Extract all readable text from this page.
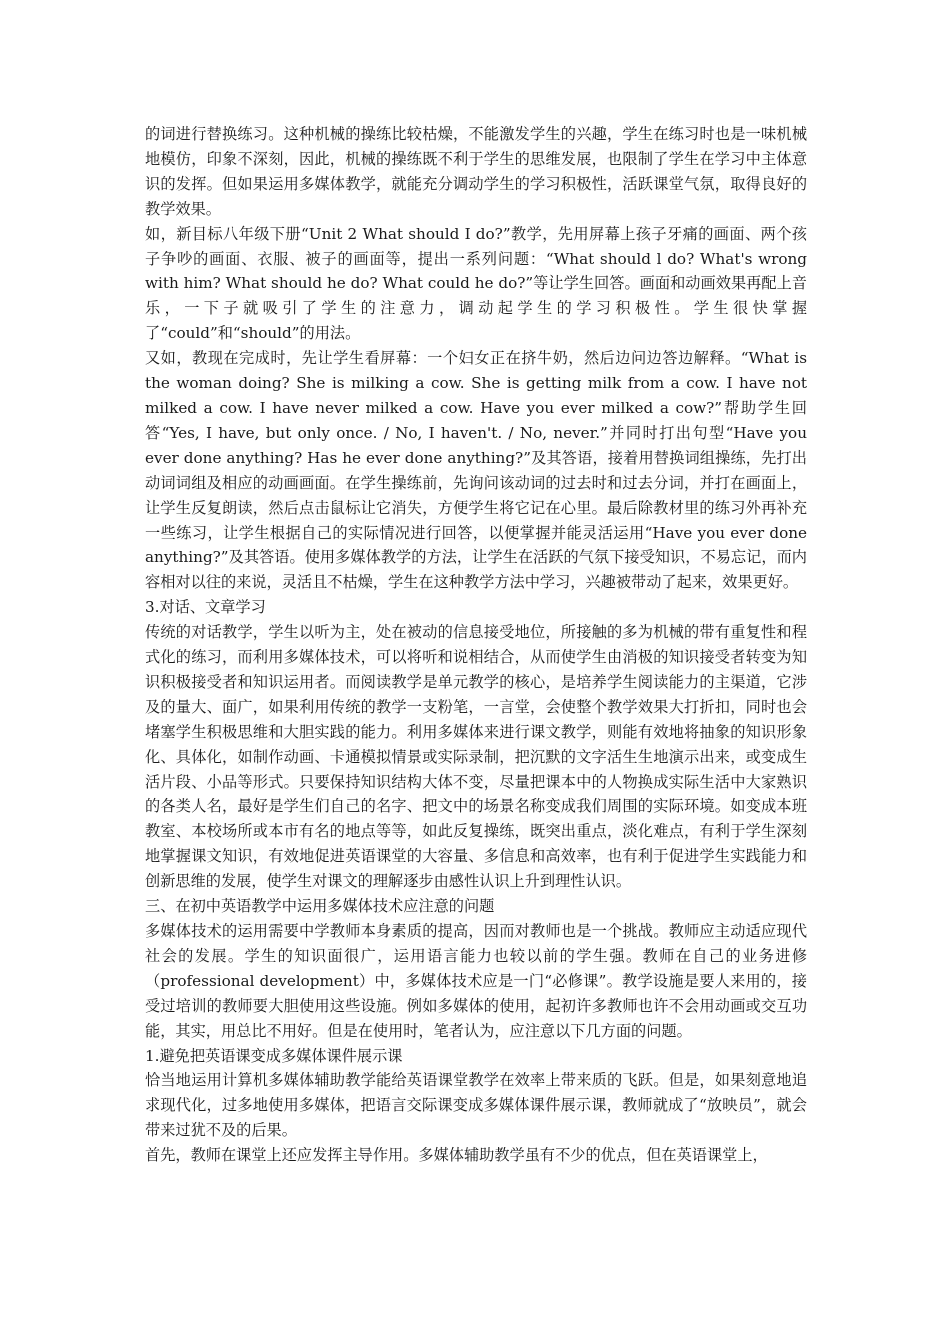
的词进行替换练习。这种机械的操练比较枯燥，不能激发学生的兴趣，学生在练习时也是一味机械地模仿，印象不深刻，因此，机械的操练既不利于学生的思维发展，也限制了学生在学习中主体意识的发挥。但如果运用多媒体教学，就能充分调动学生的学习积极性，活跃课堂气氛，取得良好的教学效果。

如，新目标八年级下册“Unit 2 What should I do?”教学，先用屏幕上孩子牙痛的画面、两个孩子争吵的画面、衣服、被子的画面等，提出一系列问题：“What should l do? What's wrong with him? What should he do? What could he do?”等让学生回答。画面和动画效果再配上音乐，一下子就吸引了学生的注意力，调动起学生的学习积极性。学生很快掌握了“could”和“should”的用法。

又如，教现在完成时，先让学生看屏幕：一个妇女正在挤牛奶，然后边问边答边解释。“What is the woman doing? She is milking a cow. She is getting milk from a cow. I have not milked a cow. I have never milked a cow. Have you ever milked a cow?”帮助学生回答“Yes, I have, but only once. / No, I haven't. / No, never.”并同时打出句型“Have you ever done anything? Has he ever done anything?”及其答语，接着用替换词组操练，先打出动词词组及相应的动画画面。在学生操练前，先询问该动词的过去时和过去分词，并打在画面上，让学生反复朗读，然后点击鼠标让它消失，方便学生将它记在心里。最后除教材里的练习外再补充一些练习，让学生根据自己的实际情况进行回答，以便掌握并能灵活运用“Have you ever done anything?”及其答语。使用多媒体教学的方法，让学生在活跃的气氛下接受知识，不易忘记，而内容相对以往的来说，灵活且不枯燥，学生在这种教学方法中学习，兴趣被带动了起来，效果更好。

3.对话、文章学习

传统的对话教学，学生以听为主，处在被动的信息接受地位，所接触的多为机械的带有重复性和程式化的练习，而利用多媒体技术，可以将听和说相结合，从而使学生由消极的知识接受者转变为知识积极接受者和知识运用者。而阅读教学是单元教学的核心，是培养学生阅读能力的主渠道，它涉及的量大、面广，如果利用传统的教学一支粉笔，一言堂，会使整个教学效果大打折扣，同时也会堵塞学生积极思维和大胆实践的能力。利用多媒体来进行课文教学，则能有效地将抽象的知识形象化、具体化，如制作动画、卡通模拟情景或实际录制，把沉默的文字活生生地演示出来，或变成生活片段、小品等形式。只要保持知识结构大体不变，尽量把课本中的人物换成实际生活中大家熟识的各类人名，最好是学生们自己的名字、把文中的场景名称变成我们周围的实际环境。如变成本班教室、本校场所或本市有名的地点等等，如此反复操练，既突出重点，淡化难点，有利于学生深刻地掌握课文知识，有效地促进英语课堂的大容量、多信息和高效率，也有利于促进学生实践能力和创新思维的发展，使学生对课文的理解逐步由感性认识上升到理性认识。

三、在初中英语教学中运用多媒体技术应注意的问题

多媒体技术的运用需要中学教师本身素质的提高，因而对教师也是一个挑战。教师应主动适应现代社会的发展。学生的知识面很广，运用语言能力也较以前的学生强。教师在自己的业务进修（professional development）中，多媒体技术应是一门“必修课”。教学设施是要人来用的，接受过培训的教师要大胆使用这些设施。例如多媒体的使用，起初许多教师也许不会用动画或交互功能，其实，用总比不用好。但是在使用时，笔者认为，应注意以下几方面的问题。

1.避免把英语课变成多媒体课件展示课

恰当地运用计算机多媒体辅助教学能给英语课堂教学在效率上带来质的飞跃。但是，如果刻意地追求现代化，过多地使用多媒体，把语言交际课变成多媒体课件展示课，教师就成了“放映员”，就会带来过犹不及的后果。

首先，教师在课堂上还应发挥主导作用。多媒体辅助教学虽有不少的优点，但在英语课堂上，
